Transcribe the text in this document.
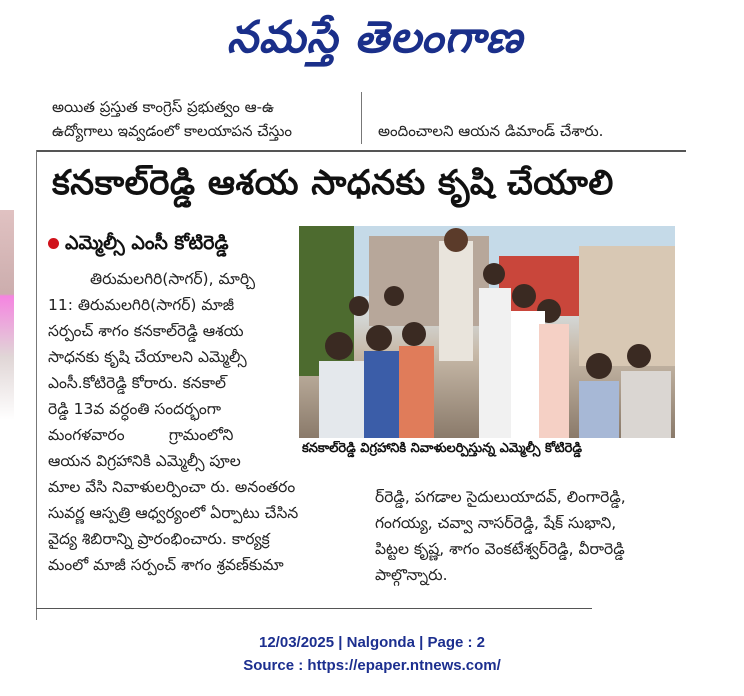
నమస్తే తెలంగాణ
అయిత ప్రస్తుత కాంగ్రెస్ ప్రభుత్వం ఆ-ఉ
ఉద్యోగాలు ఇవ్వడంలో కాలయాపన చేస్తుం	అందించాలని ఆయన డిమాండ్ చేశారు.
కనకాల్‌రెడ్డి ఆశయ సాధనకు కృషి చేయాలి
ఎమ్మెల్సీ ఎంసీ కోటిరెడ్డి

తిరుమలగిరి(సాగర్), మార్చి

11: తిరుమలగిరి(సాగర్) మాజీ

సర్పంచ్ శాగం కనకాల్‌రెడ్డి ఆశయ

సాధనకు కృషి చేయాలని ఎమ్మెల్సీ

ఎంసీ.కోటిరెడ్డి కోరారు. కనకాల్

రెడ్డి 13వ వర్ధంతి సందర్భంగా

మంగళవారం         గ్రామంలోని

ఆయన విగ్రహానికి ఎమ్మెల్సీ పూల

మాల వేసి నివాళులర్పించా రు. అనంతరం

సువర్ణ ఆస్పత్రి ఆధ్వర్యంలో ఏర్పాటు చేసిన

వైద్య శిబిరాన్ని ప్రారంభించారు. కార్యక్ర

మంలో మాజీ సర్పంచ్ శాగం శ్రవణ్‌కుమా

కనకాల్‌రెడ్డి విగ్రహానికి నివాళులర్పిస్తున్న ఎమ్మెల్సీ కోటిరెడ్డి

ర్‌రెడ్డి, పగడాల సైదులుయాదవ్, లింగారెడ్డి,

గంగయ్య, చవ్వా నాసర్‌రెడ్డి, షేక్ సుభాని,

పిట్టల కృష్ణ, శాగం వెంకటేశ్వర్‌రెడ్డి, వీరారెడ్డి

పాల్గొన్నారు.

12/03/2025 | Nalgonda | Page : 2
Source : https://epaper.ntnews.com/
